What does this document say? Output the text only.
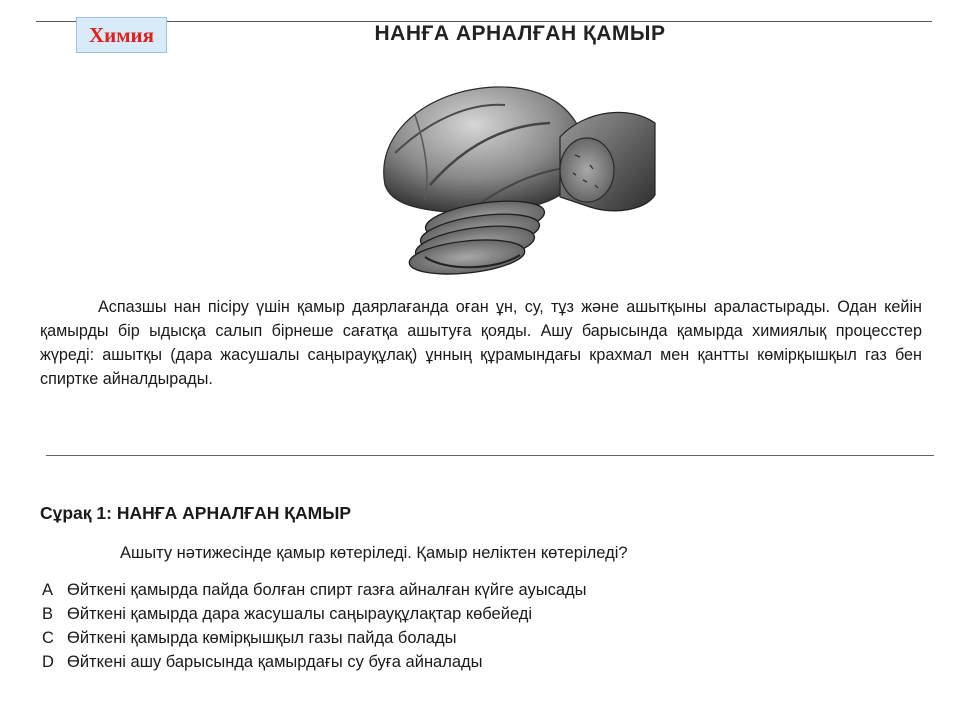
Химия	НАНҒА АРНАЛҒАН ҚАМЫР

Аспазшы нан пісіру үшін қамыр даярлағанда оған ұн, су, тұз және ашытқыны араластырады. Одан кейін қамырды бір ыдысқа салып бірнеше сағатқа ашытуға қояды. Ашу барысында қамырда химиялық процесстер жүреді: ашытқы (дара жасушалы саңырауқұлақ) ұнның құрамындағы крахмал мен қантты көмірқышқыл газ бен спиртке айналдырады.

Сұрақ 1: НАНҒА АРНАЛҒАН ҚАМЫР
Ашыту нәтижесінде қамыр көтеріледі. Қамыр неліктен көтеріледі?
A Өйткені қамырда пайда болған спирт газға айналған күйге ауысады
B Өйткені қамырда дара жасушалы саңырауқұлақтар көбейеді
C Өйткені қамырда көмірқышқыл газы пайда болады
D Өйткені ашу барысында қамырдағы су буға айналады
